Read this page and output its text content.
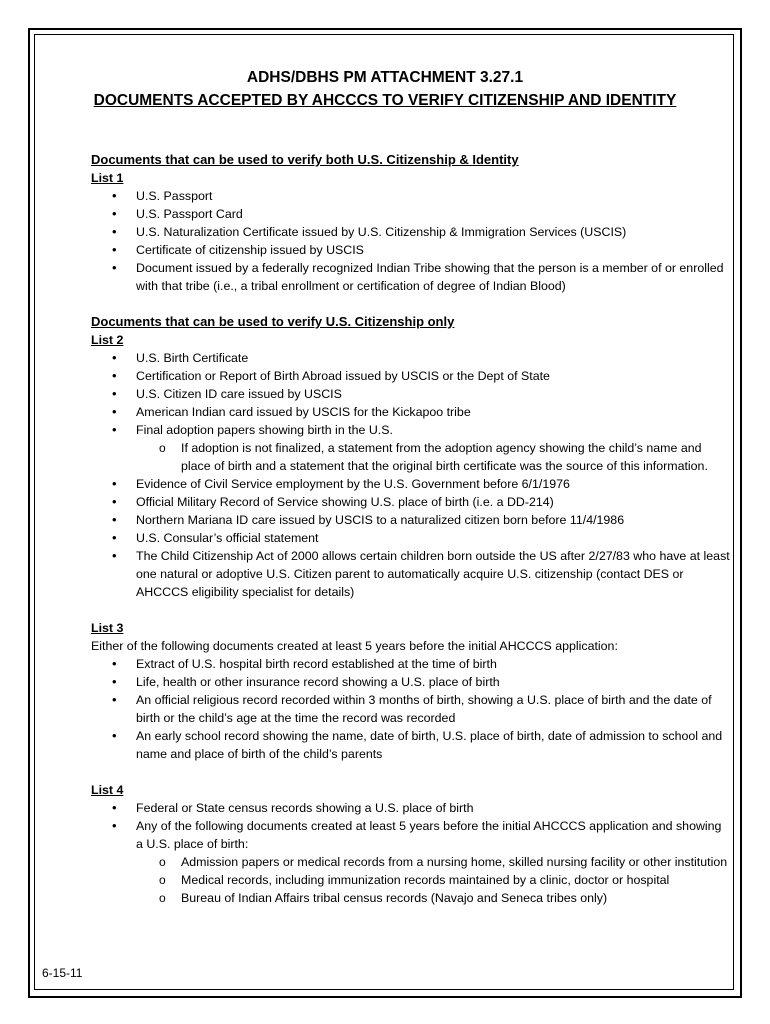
ADHS/DBHS PM ATTACHMENT 3.27.1
DOCUMENTS ACCEPTED BY AHCCCS TO VERIFY CITIZENSHIP AND IDENTITY
Documents that can be used to verify both U.S. Citizenship & Identity
List 1
• U.S. Passport
• U.S. Passport Card
• U.S. Naturalization Certificate issued by U.S. Citizenship & Immigration Services (USCIS)
• Certificate of citizenship issued by USCIS
• Document issued by a federally recognized Indian Tribe showing that the person is a member of or enrolled with that tribe (i.e., a tribal enrollment or certification of degree of Indian Blood)
Documents that can be used to verify U.S. Citizenship only
List 2
• U.S. Birth Certificate
• Certification or Report of Birth Abroad issued by USCIS or the Dept of State
• U.S. Citizen ID care issued by USCIS
• American Indian card issued by USCIS for the Kickapoo tribe
• Final adoption papers showing birth in the U.S.
o If adoption is not finalized, a statement from the adoption agency showing the child’s name and place of birth and a statement that the original birth certificate was the source of this information.
• Evidence of Civil Service employment by the U.S. Government before 6/1/1976
• Official Military Record of Service showing U.S. place of birth (i.e. a DD-214)
• Northern Mariana ID care issued by USCIS to a naturalized citizen born before 11/4/1986
• U.S. Consular’s official statement
• The Child Citizenship Act of 2000 allows certain children born outside the US after 2/27/83 who have at least one natural or adoptive U.S. Citizen parent to automatically acquire U.S. citizenship (contact DES or AHCCCS eligibility specialist for details)
List 3
Either of the following documents created at least 5 years before the initial AHCCCS application:
• Extract of U.S. hospital birth record established at the time of birth
• Life, health or other insurance record showing a U.S. place of birth
• An official religious record recorded within 3 months of birth, showing a U.S. place of birth and the date of birth or the child’s age at the time the record was recorded
• An early school record showing the name, date of birth, U.S. place of birth, date of admission to school and name and place of birth of the child’s parents
List 4
• Federal or State census records showing a U.S. place of birth
• Any of the following documents created at least 5 years before the initial AHCCCS application and showing a U.S. place of birth:
o Admission papers or medical records from a nursing home, skilled nursing facility or other institution
o Medical records, including immunization records maintained by a clinic, doctor or hospital
o Bureau of Indian Affairs tribal census records (Navajo and Seneca tribes only)
6-15-11
